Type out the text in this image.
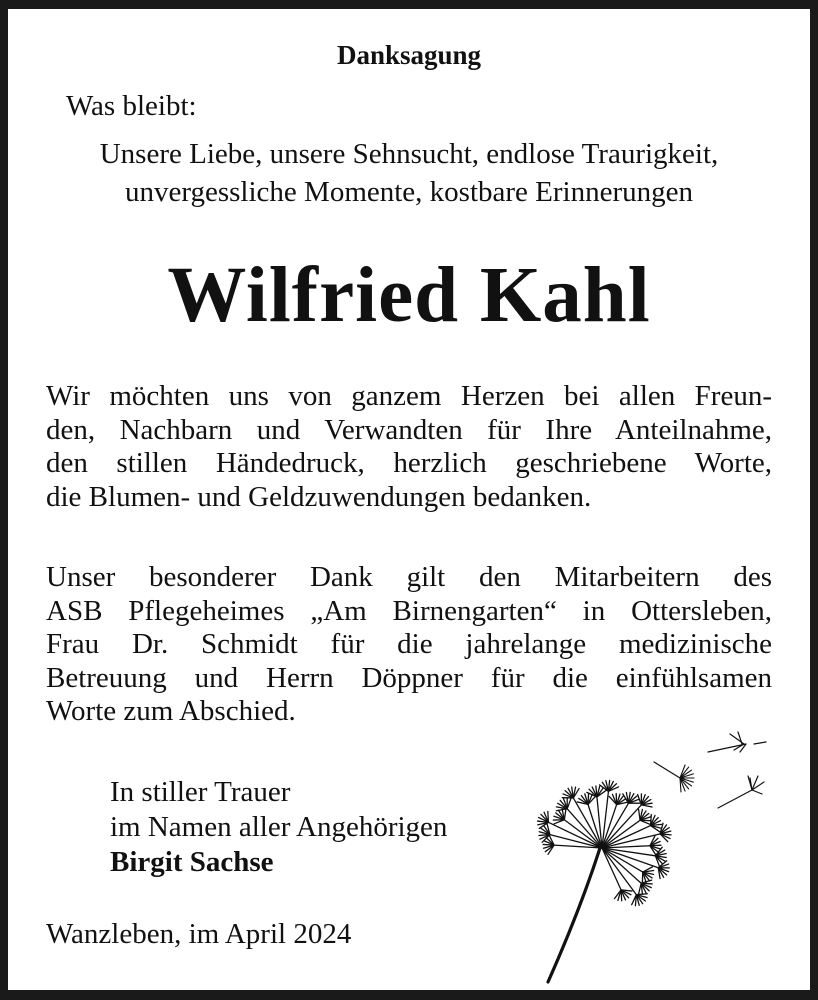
Danksagung

Was bleibt:

Unsere Liebe, unsere Sehnsucht, endlose Traurigkeit,

unvergessliche Momente, kostbare Erinnerungen

Wilfried Kahl

Wir möchten uns von ganzem Herzen bei allen Freun-
den, Nachbarn und Verwandten für Ihre Anteilnahme,
den stillen Händedruck, herzlich geschriebene Worte,
die Blumen- und Geldzuwendungen bedanken.
Unser besonderer Dank gilt den Mitarbeitern des
ASB Pflegeheimes „Am Birnengarten“ in Ottersleben,
Frau Dr. Schmidt für die jahrelange medizinische
Betreuung und Herrn Döppner für die einfühlsamen
Worte zum Abschied.

In stiller Trauer

im Namen aller Angehörigen

Birgit Sachse

Wanzleben, im April 2024
